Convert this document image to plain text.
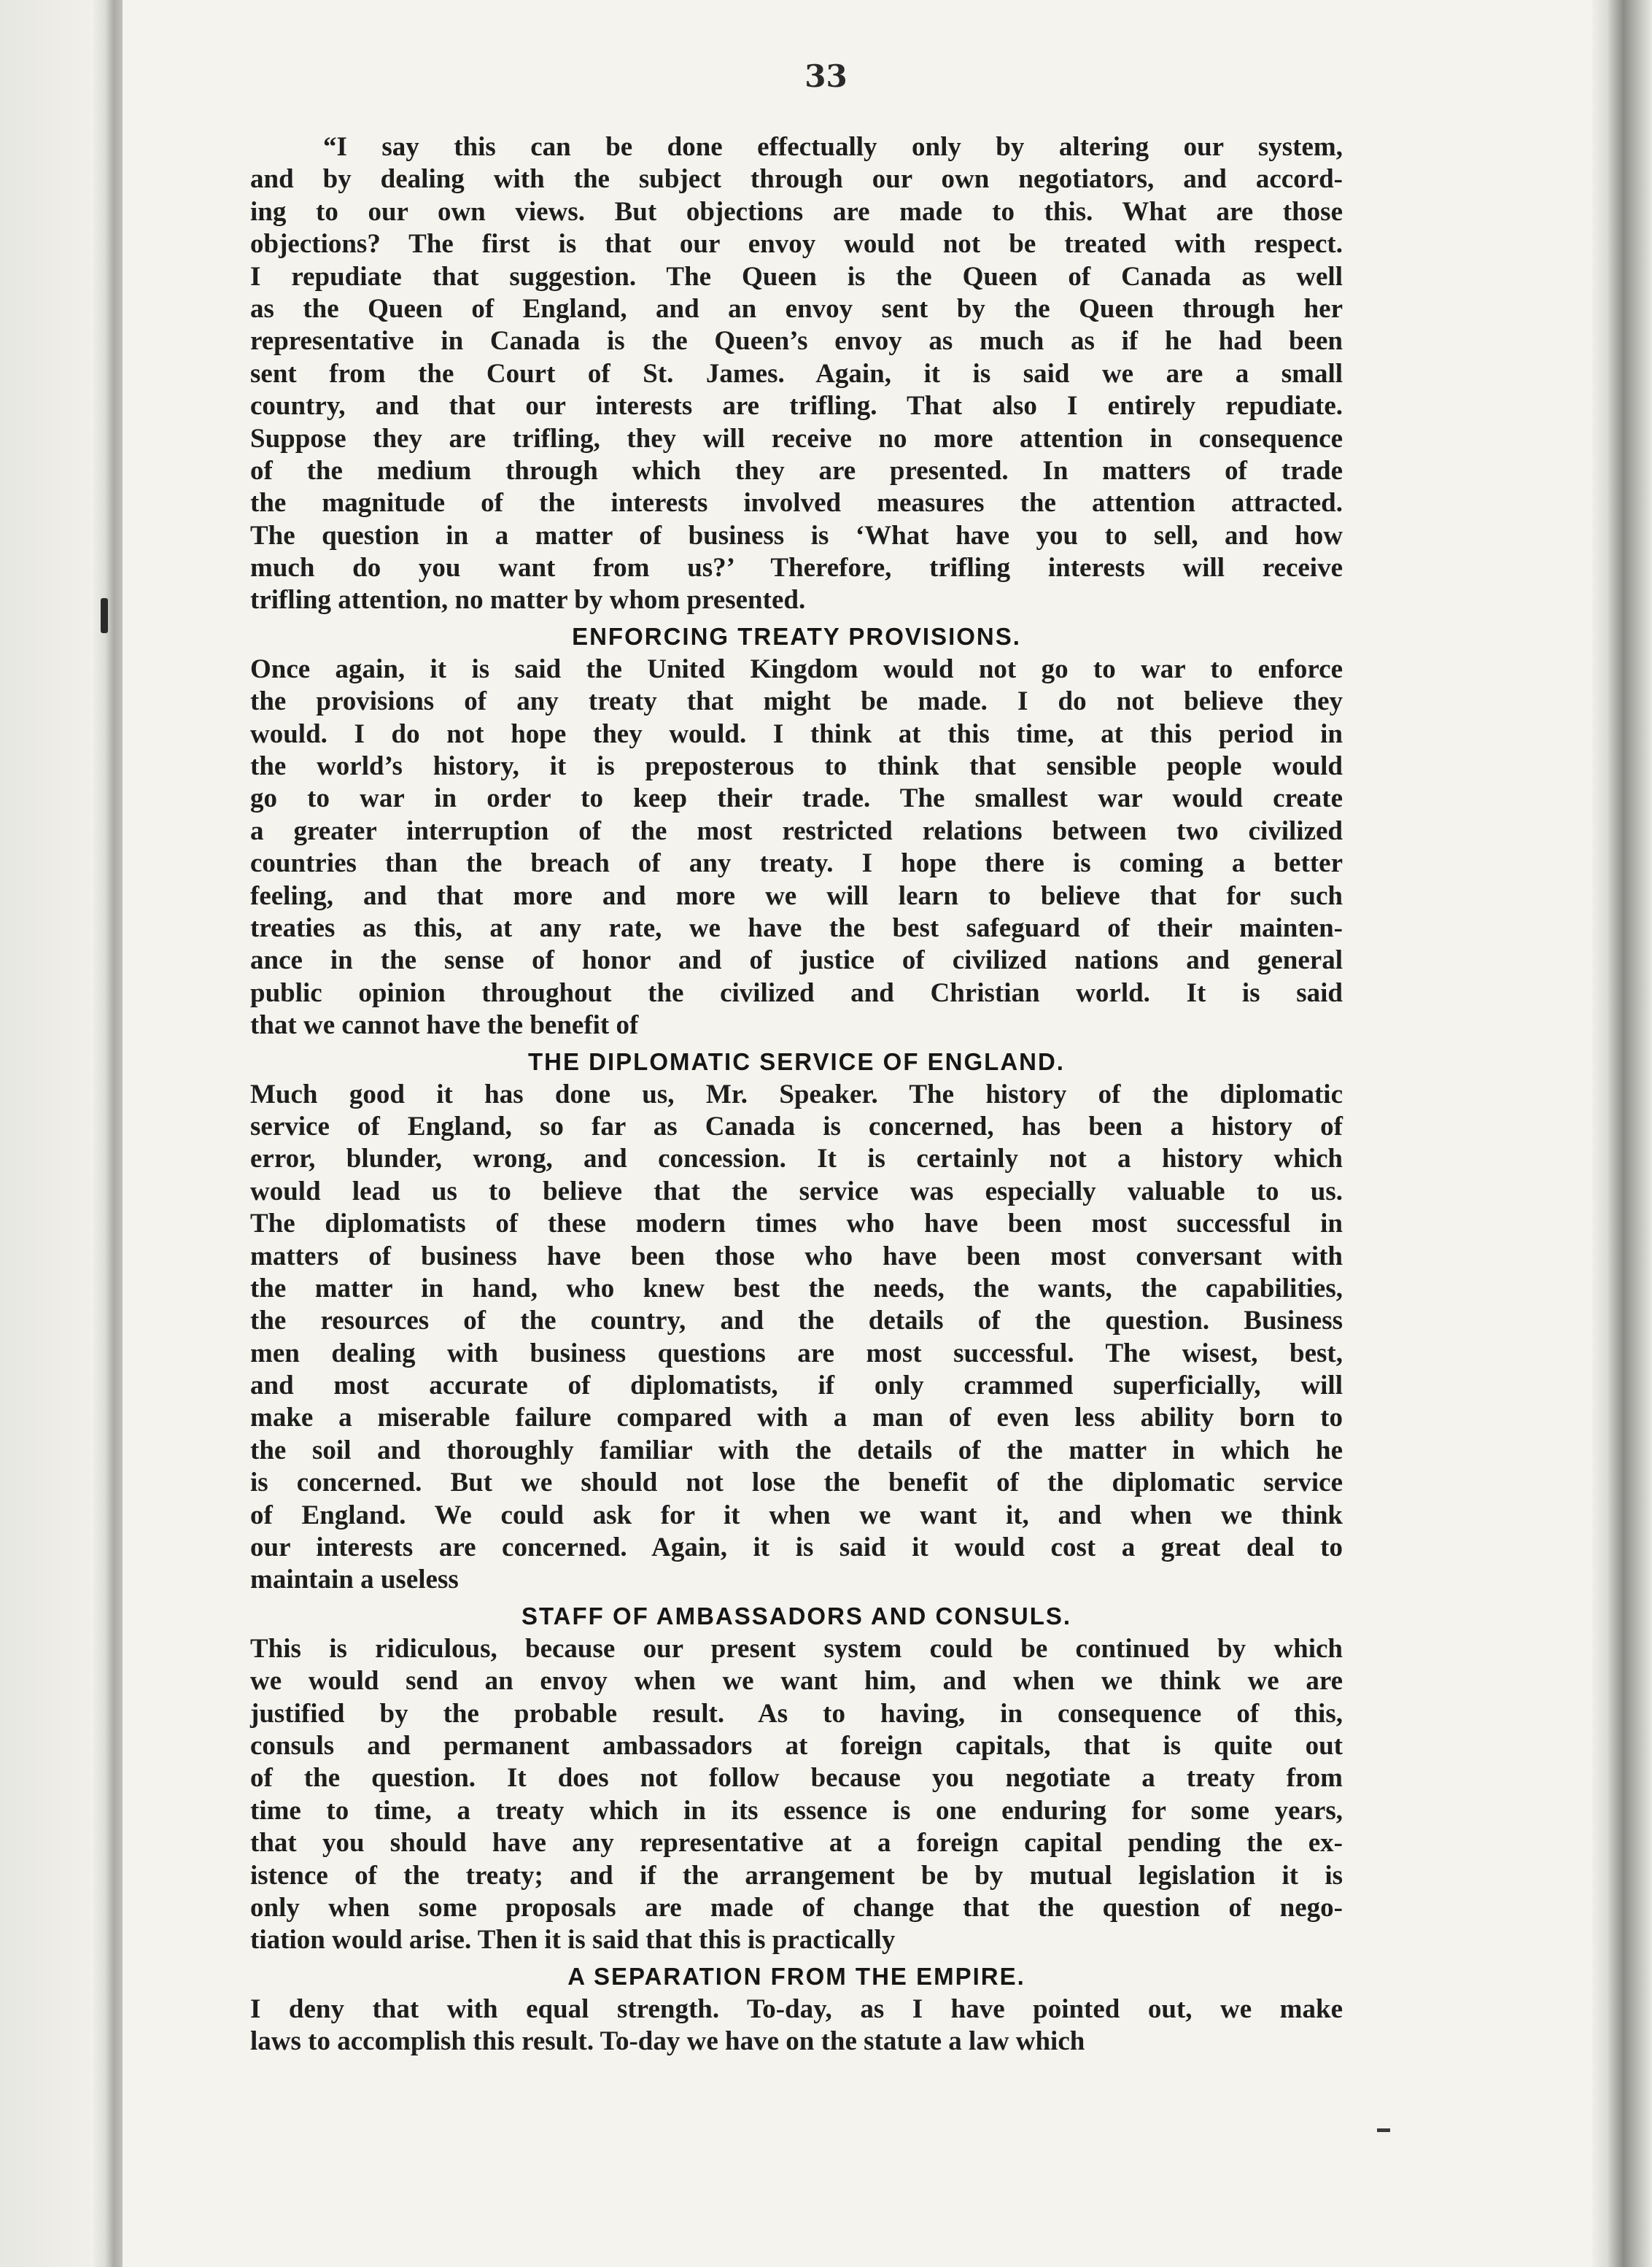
33
“I say this can be done effectually only by altering our system,
and by dealing with the subject through our own negotiators, and accord-
ing to our own views. But objections are made to this. What are those
objections? The first is that our envoy would not be treated with respect.
I repudiate that suggestion. The Queen is the Queen of Canada as well
as the Queen of England, and an envoy sent by the Queen through her
representative in Canada is the Queen’s envoy as much as if he had been
sent from the Court of St. James. Again, it is said we are a small
country, and that our interests are trifling. That also I entirely repudiate.
Suppose they are trifling, they will receive no more attention in consequence
of the medium through which they are presented. In matters of trade
the magnitude of the interests involved measures the attention attracted.
The question in a matter of business is ‘What have you to sell, and how
much do you want from us?’ Therefore, trifling interests will receive
trifling attention, no matter by whom presented.
ENFORCING TREATY PROVISIONS.
Once again, it is said the United Kingdom would not go to war to enforce
the provisions of any treaty that might be made. I do not believe they
would. I do not hope they would. I think at this time, at this period in
the world’s history, it is preposterous to think that sensible people would
go to war in order to keep their trade. The smallest war would create
a greater interruption of the most restricted relations between two civilized
countries than the breach of any treaty. I hope there is coming a better
feeling, and that more and more we will learn to believe that for such
treaties as this, at any rate, we have the best safeguard of their mainten-
ance in the sense of honor and of justice of civilized nations and general
public opinion throughout the civilized and Christian world. It is said
that we cannot have the benefit of
THE DIPLOMATIC SERVICE OF ENGLAND.
Much good it has done us, Mr. Speaker. The history of the diplomatic
service of England, so far as Canada is concerned, has been a history of
error, blunder, wrong, and concession. It is certainly not a history which
would lead us to believe that the service was especially valuable to us.
The diplomatists of these modern times who have been most successful in
matters of business have been those who have been most conversant with
the matter in hand, who knew best the needs, the wants, the capabilities,
the resources of the country, and the details of the question. Business
men dealing with business questions are most successful. The wisest, best,
and most accurate of diplomatists, if only crammed superficially, will
make a miserable failure compared with a man of even less ability born to
the soil and thoroughly familiar with the details of the matter in which he
is concerned. But we should not lose the benefit of the diplomatic service
of England. We could ask for it when we want it, and when we think
our interests are concerned. Again, it is said it would cost a great deal to
maintain a useless
STAFF OF AMBASSADORS AND CONSULS.
This is ridiculous, because our present system could be continued by which
we would send an envoy when we want him, and when we think we are
justified by the probable result. As to having, in consequence of this,
consuls and permanent ambassadors at foreign capitals, that is quite out
of the question. It does not follow because you negotiate a treaty from
time to time, a treaty which in its essence is one enduring for some years,
that you should have any representative at a foreign capital pending the ex-
istence of the treaty; and if the arrangement be by mutual legislation it is
only when some proposals are made of change that the question of nego-
tiation would arise. Then it is said that this is practically
A SEPARATION FROM THE EMPIRE.
I deny that with equal strength. To-day, as I have pointed out, we make
laws to accomplish this result. To-day we have on the statute a law which
